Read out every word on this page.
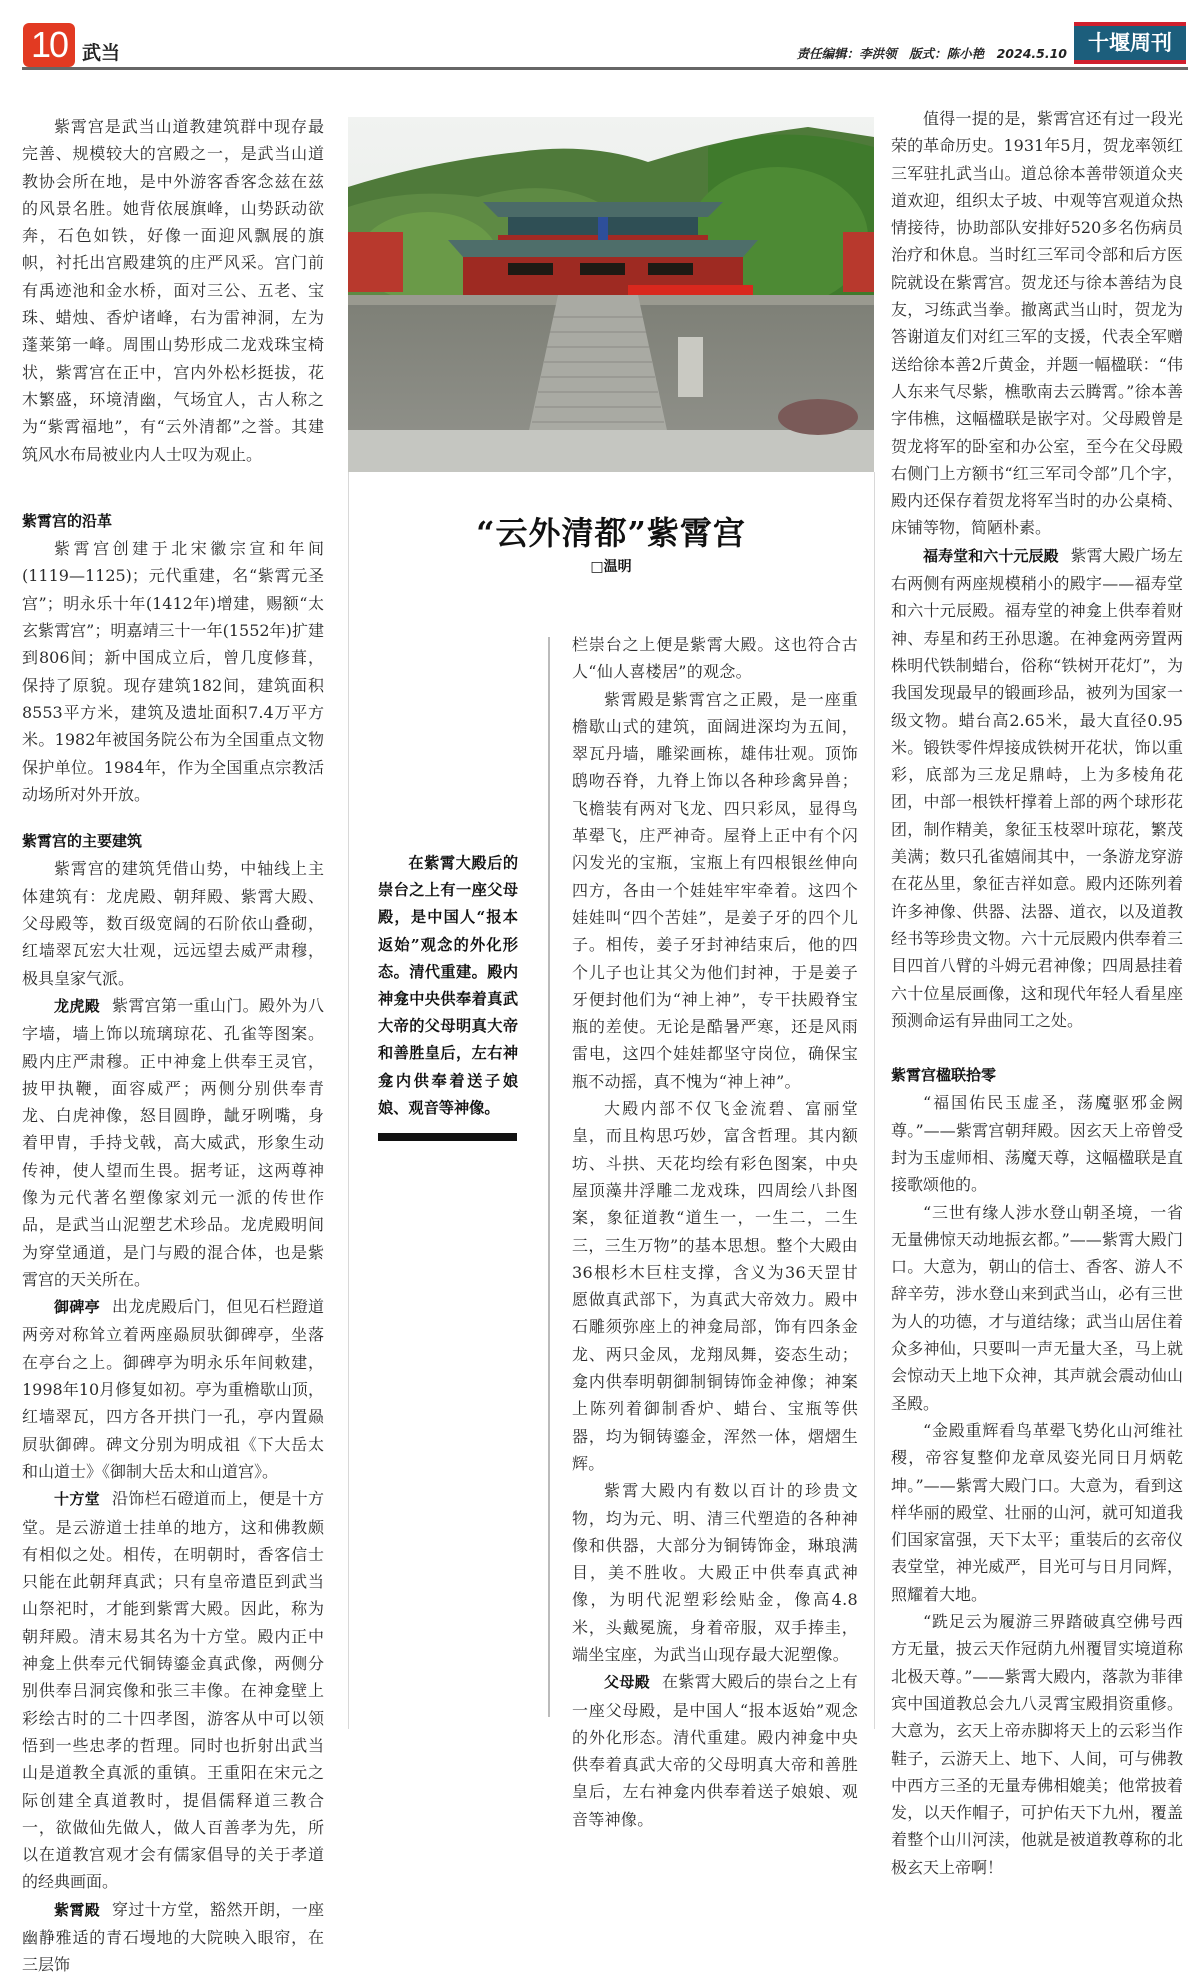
10 武当	责任编辑：李洪领　版式：陈小艳　2024.5.10	十堰周刊

紫霄宫是武当山道教建筑群中现存最完善、规模较大的宫殿之一，是武当山道教协会所在地，是中外游客香客念兹在兹的风景名胜。她背依展旗峰，山势跃动欲奔，石色如铁，好像一面迎风飘展的旗帜，衬托出宫殿建筑的庄严风采。宫门前有禹迹池和金水桥，面对三公、五老、宝珠、蜡烛、香炉诸峰，右为雷神洞，左为蓬莱第一峰。周围山势形成二龙戏珠宝椅状，紫霄宫在正中，宫内外松杉挺拔，花木繁盛，环境清幽，气场宜人，古人称之为“紫霄福地”，有“云外清都”之誉。其建筑风水布局被业内人士叹为观止。

紫霄宫的沿革

紫霄宫创建于北宋徽宗宣和年间(1119—1125)；元代重建，名“紫霄元圣宫”；明永乐十年(1412年)增建，赐额“太玄紫霄宫”；明嘉靖三十一年(1552年)扩建到806间；新中国成立后，曾几度修葺，保持了原貌。现存建筑182间，建筑面积8553平方米，建筑及遗址面积7.4万平方米。1982年被国务院公布为全国重点文物保护单位。1984年，作为全国重点宗教活动场所对外开放。

紫霄宫的主要建筑

紫霄宫的建筑凭借山势，中轴线上主体建筑有：龙虎殿、朝拜殿、紫霄大殿、父母殿等，数百级宽阔的石阶依山叠砌，红墙翠瓦宏大壮观，远远望去威严肃穆，极具皇家气派。

龙虎殿 紫霄宫第一重山门。殿外为八字墙，墙上饰以琉璃琼花、孔雀等图案。殿内庄严肃穆。正中神龛上供奉王灵官，披甲执鞭，面容威严；两侧分别供奉青龙、白虎神像，怒目圆睁，龇牙咧嘴，身着甲胄，手持戈戟，高大威武，形象生动传神，使人望而生畏。据考证，这两尊神像为元代著名塑像家刘元一派的传世作品，是武当山泥塑艺术珍品。龙虎殿明间为穿堂通道，是门与殿的混合体，也是紫霄宫的天关所在。

御碑亭 出龙虎殿后门，但见石栏蹬道两旁对称耸立着两座赑屃驮御碑亭，坐落在亭台之上。御碑亭为明永乐年间敕建，1998年10月修复如初。亭为重檐歇山顶，红墙翠瓦，四方各开拱门一孔，亭内置赑屃驮御碑。碑文分别为明成祖《下大岳太和山道士》《御制大岳太和山道宫》。

十方堂 沿饰栏石磴道而上，便是十方堂。是云游道士挂单的地方，这和佛教颇有相似之处。相传，在明朝时，香客信士只能在此朝拜真武；只有皇帝遣臣到武当山祭祀时，才能到紫霄大殿。因此，称为朝拜殿。清末易其名为十方堂。殿内正中神龛上供奉元代铜铸鎏金真武像，两侧分别供奉吕洞宾像和张三丰像。在神龛壁上彩绘古时的二十四孝图，游客从中可以领悟到一些忠孝的哲理。同时也折射出武当山是道教全真派的重镇。王重阳在宋元之际创建全真道教时，提倡儒释道三教合一，欲做仙先做人，做人百善孝为先，所以在道教宫观才会有儒家倡导的关于孝道的经典画面。

紫霄殿 穿过十方堂，豁然开朗，一座幽静雅适的青石墁地的大院映入眼帘，在三层饰

“云外清都”紫霄宫
□温明

在紫霄大殿后的崇台之上有一座父母殿，是中国人“报本返始”观念的外化形态。清代重建。殿内神龛中央供奉着真武大帝的父母明真大帝和善胜皇后，左右神龛内供奉着送子娘娘、观音等神像。

栏崇台之上便是紫霄大殿。这也符合古人“仙人喜楼居”的观念。

紫霄殿是紫霄宫之正殿，是一座重檐歇山式的建筑，面阔进深均为五间，翠瓦丹墙，雕梁画栋，雄伟壮观。顶饰鸱吻吞脊，九脊上饰以各种珍禽异兽；飞檐装有两对飞龙、四只彩凤，显得鸟革翚飞，庄严神奇。屋脊上正中有个闪闪发光的宝瓶，宝瓶上有四根银丝伸向四方，各由一个娃娃牢牢牵着。这四个娃娃叫“四个苦娃”，是姜子牙的四个儿子。相传，姜子牙封神结束后，他的四个儿子也让其父为他们封神，于是姜子牙便封他们为“神上神”，专干扶殿脊宝瓶的差使。无论是酷暑严寒，还是风雨雷电，这四个娃娃都坚守岗位，确保宝瓶不动摇，真不愧为“神上神”。

大殿内部不仅飞金流碧、富丽堂皇，而且构思巧妙，富含哲理。其内额坊、斗拱、天花均绘有彩色图案，中央屋顶藻井浮雕二龙戏珠，四周绘八卦图案，象征道教“道生一，一生二，二生三，三生万物”的基本思想。整个大殿由36根杉木巨柱支撑，含义为36天罡甘愿做真武部下，为真武大帝效力。殿中石雕须弥座上的神龛局部，饰有四条金龙、两只金凤，龙翔凤舞，姿态生动；龛内供奉明朝御制铜铸饰金神像；神案上陈列着御制香炉、蜡台、宝瓶等供器，均为铜铸鎏金，浑然一体，熠熠生辉。

紫霄大殿内有数以百计的珍贵文物，均为元、明、清三代塑造的各种神像和供器，大部分为铜铸饰金，琳琅满目，美不胜收。大殿正中供奉真武神像，为明代泥塑彩绘贴金，像高4.8米，头戴冕旒，身着帝服，双手捧圭，端坐宝座，为武当山现存最大泥塑像。

父母殿 在紫霄大殿后的崇台之上有一座父母殿，是中国人“报本返始”观念的外化形态。清代重建。殿内神龛中央供奉着真武大帝的父母明真大帝和善胜皇后，左右神龛内供奉着送子娘娘、观音等神像。

值得一提的是，紫霄宫还有过一段光荣的革命历史。1931年5月，贺龙率领红三军驻扎武当山。道总徐本善带领道众夹道欢迎，组织太子坡、中观等宫观道众热情接待，协助部队安排好520多名伤病员治疗和休息。当时红三军司令部和后方医院就设在紫霄宫。贺龙还与徐本善结为良友，习练武当拳。撤离武当山时，贺龙为答谢道友们对红三军的支援，代表全军赠送给徐本善2斤黄金，并题一幅楹联：“伟人东来气尽紫，樵歌南去云腾霄。”徐本善字伟樵，这幅楹联是嵌字对。父母殿曾是贺龙将军的卧室和办公室，至今在父母殿右侧门上方额书“红三军司令部”几个字，殿内还保存着贺龙将军当时的办公桌椅、床铺等物，简陋朴素。

福寿堂和六十元辰殿 紫霄大殿广场左右两侧有两座规模稍小的殿宇——福寿堂和六十元辰殿。福寿堂的神龛上供奉着财神、寿星和药王孙思邈。在神龛两旁置两株明代铁制蜡台，俗称“铁树开花灯”，为我国发现最早的锻画珍品，被列为国家一级文物。蜡台高2.65米，最大直径0.95米。锻铁零件焊接成铁树开花状，饰以重彩，底部为三龙足鼎峙，上为多棱角花团，中部一根铁杆撑着上部的两个球形花团，制作精美，象征玉枝翠叶琼花，繁茂美满；数只孔雀嬉闹其中，一条游龙穿游在花丛里，象征吉祥如意。殿内还陈列着许多神像、供器、法器、道衣，以及道教经书等珍贵文物。六十元辰殿内供奉着三目四首八臂的斗姆元君神像；四周悬挂着六十位星辰画像，这和现代年轻人看星座预测命运有异曲同工之处。

紫霄宫楹联拾零

“福国佑民玉虚圣，荡魔驱邪金阙尊。”——紫霄宫朝拜殿。因玄天上帝曾受封为玉虚师相、荡魔天尊，这幅楹联是直接歌颂他的。

“三世有缘人涉水登山朝圣境，一省无量佛惊天动地振玄都。”——紫霄大殿门口。大意为，朝山的信士、香客、游人不辞辛劳，涉水登山来到武当山，必有三世为人的功德，才与道结缘；武当山居住着众多神仙，只要叫一声无量大圣，马上就会惊动天上地下众神，其声就会震动仙山圣殿。

“金殿重辉看鸟革翚飞势化山河维社稷，帝容复整仰龙章凤姿光同日月炳乾坤。”——紫霄大殿门口。大意为，看到这样华丽的殿堂、壮丽的山河，就可知道我们国家富强，天下太平；重装后的玄帝仪表堂堂，神光威严，目光可与日月同辉，照耀着大地。

“跣足云为履游三界踏破真空佛号西方无量，披云天作冠荫九州覆冒实境道称北极天尊。”——紫霄大殿内，落款为菲律宾中国道教总会九八灵霄宝殿捐资重修。大意为，玄天上帝赤脚将天上的云彩当作鞋子，云游天上、地下、人间，可与佛教中西方三圣的无量寿佛相媲美；他常披着发，以天作帽子，可护佑天下九州，覆盖着整个山川河渎，他就是被道教尊称的北极玄天上帝啊！
